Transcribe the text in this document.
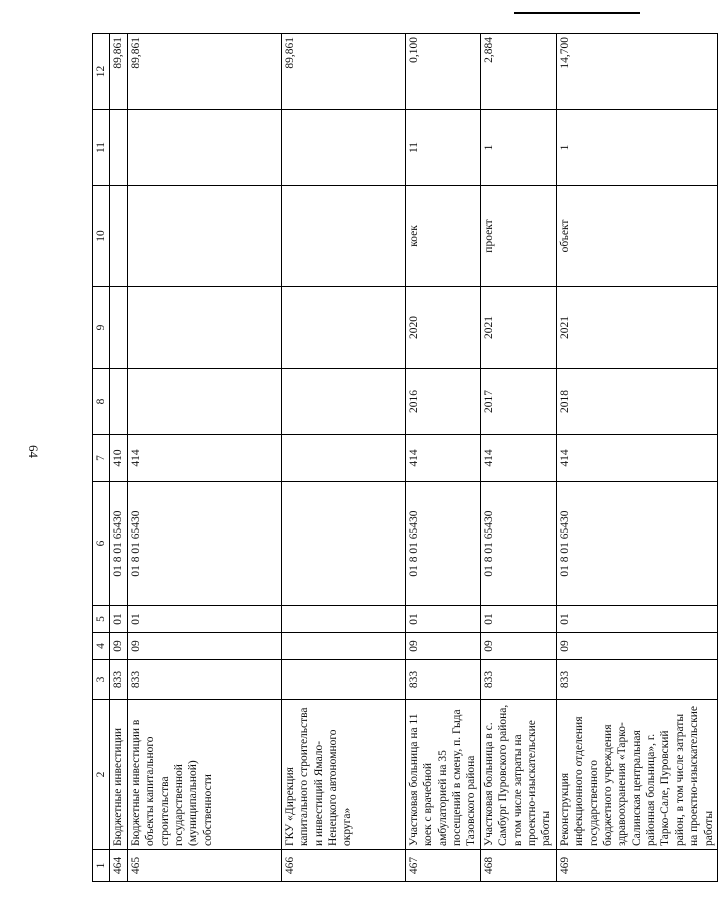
64
1	2	3	4	5	6	7	8	9	10	11	12
464	Бюджетные инвестиции	833	09	01	01 8 01 65430	410					89,861
465	Бюджетные инвестиции в объекты капитального строительства государственной (муниципальной) собственности	833	09	01	01 8 01 65430	414					89,861
466	ГКУ «Дирекция капитального строительства и инвестиций Ямало-Ненецкого автономного округа»										89,861
467	Участковая больница на 11 коек с врачебной амбулаторией на 35 посещений в смену, п. Гыда Тазовского района	833	09	01	01 8 01 65430	414	2016	2020	коек	11	0,100
468	Участковая больница в с. Самбург Пуровского района, в том числе затраты на проектно-изыскательские работы	833	09	01	01 8 01 65430	414	2017	2021	проект	1	2,884
469	Реконструкция инфекционного отделения государственного бюджетного учреждения здравоохранения «Тарко-Салинская центральная районная больница», г. Тарко-Сале, Пуровский район, в том числе затраты на проектно-изыскательские работы	833	09	01	01 8 01 65430	414	2018	2021	объект	1	14,700
